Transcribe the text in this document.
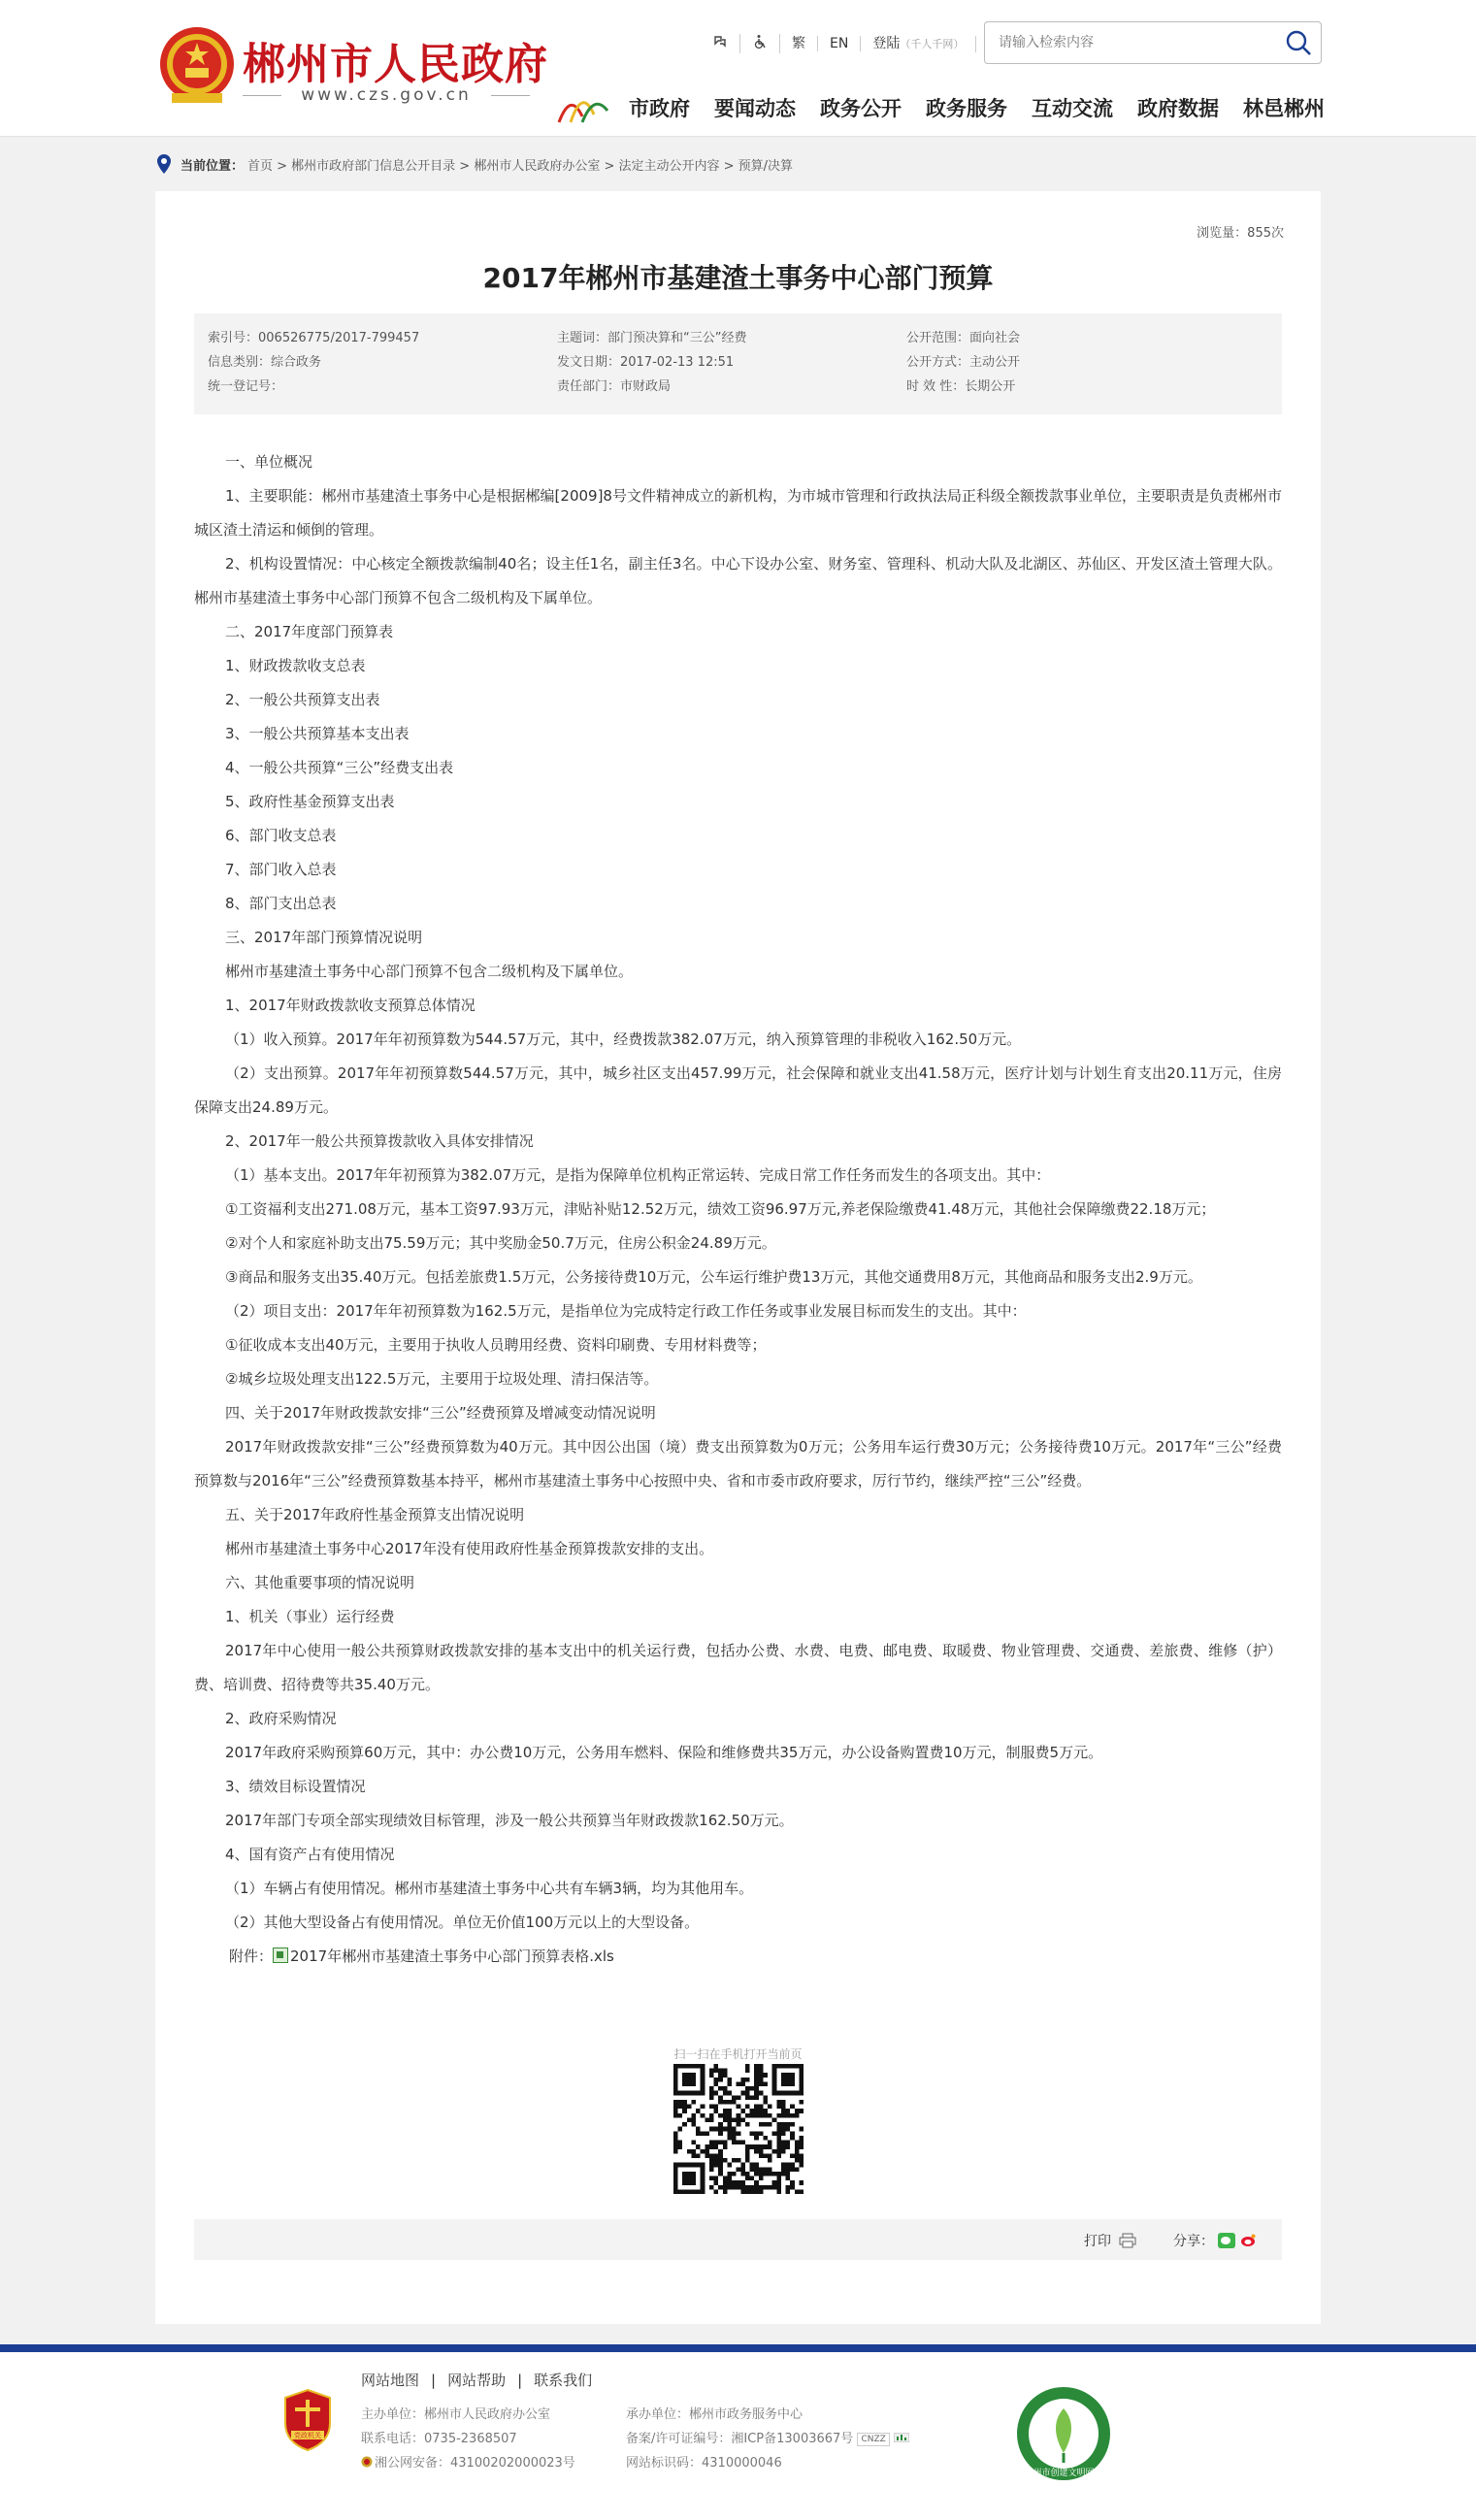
郴州市人民政府
www.czs.gov.cn
繁	EN	登陆（千人千网）
请输入检索内容
市政府 要闻动态 政务公开 政务服务 互动交流 政府数据 林邑郴州
当前位置： 首页 > 郴州市政府部门信息公开目录 > 郴州市人民政府办公室 > 法定主动公开内容 > 预算/决算
浏览量：855次
2017年郴州市基建渣土事务中心部门预算
索引号：006526775/2017-799457
信息类别：综合政务
统一登记号：
主题词：部门预决算和“三公”经费
发文日期：2017-02-13 12:51
责任部门：市财政局
公开范围：面向社会
公开方式：主动公开
时 效 性：长期公开

一、单位概况

1、主要职能：郴州市基建渣土事务中心是根据郴编[2009]8号文件精神成立的新机构，为市城市管理和行政执法局正科级全额拨款事业单位，主要职责是负责郴州市城区渣土清运和倾倒的管理。

2、机构设置情况：中心核定全额拨款编制40名；设主任1名，副主任3名。中心下设办公室、财务室、管理科、机动大队及北湖区、苏仙区、开发区渣土管理大队。郴州市基建渣土事务中心部门预算不包含二级机构及下属单位。

二、2017年度部门预算表

1、财政拨款收支总表

2、一般公共预算支出表

3、一般公共预算基本支出表

4、一般公共预算“三公”经费支出表

5、政府性基金预算支出表

6、部门收支总表

7、部门收入总表

8、部门支出总表

三、2017年部门预算情况说明

郴州市基建渣土事务中心部门预算不包含二级机构及下属单位。

1、2017年财政拨款收支预算总体情况

（1）收入预算。2017年年初预算数为544.57万元，其中，经费拨款382.07万元，纳入预算管理的非税收入162.50万元。

（2）支出预算。2017年年初预算数544.57万元，其中，城乡社区支出457.99万元，社会保障和就业支出41.58万元，医疗计划与计划生育支出20.11万元，住房保障支出24.89万元。

2、2017年一般公共预算拨款收入具体安排情况

（1）基本支出。2017年年初预算为382.07万元，是指为保障单位机构正常运转、完成日常工作任务而发生的各项支出。其中：

①工资福利支出271.08万元，基本工资97.93万元，津贴补贴12.52万元，绩效工资96.97万元,养老保险缴费41.48万元，其他社会保障缴费22.18万元；

②对个人和家庭补助支出75.59万元；其中奖励金50.7万元，住房公积金24.89万元。

③商品和服务支出35.40万元。包括差旅费1.5万元，公务接待费10万元，公车运行维护费13万元，其他交通费用8万元，其他商品和服务支出2.9万元。

（2）项目支出：2017年年初预算数为162.5万元，是指单位为完成特定行政工作任务或事业发展目标而发生的支出。其中：

①征收成本支出40万元，主要用于执收人员聘用经费、资料印刷费、专用材料费等；

②城乡垃圾处理支出122.5万元，主要用于垃圾处理、清扫保洁等。

四、关于2017年财政拨款安排“三公”经费预算及增减变动情况说明

2017年财政拨款安排“三公”经费预算数为40万元。其中因公出国（境）费支出预算数为0万元；公务用车运行费30万元；公务接待费10万元。2017年“三公”经费预算数与2016年“三公”经费预算数基本持平，郴州市基建渣土事务中心按照中央、省和市委市政府要求，厉行节约，继续严控“三公”经费。

五、关于2017年政府性基金预算支出情况说明

郴州市基建渣土事务中心2017年没有使用政府性基金预算拨款安排的支出。

六、其他重要事项的情况说明

1、机关（事业）运行经费

2017年中心使用一般公共预算财政拨款安排的基本支出中的机关运行费，包括办公费、水费、电费、邮电费、取暖费、物业管理费、交通费、差旅费、维修（护）费、培训费、招待费等共35.40万元。

2、政府采购情况

2017年政府采购预算60万元，其中：办公费10万元，公务用车燃料、保险和维修费共35万元，办公设备购置费10万元，制服费5万元。

3、绩效目标设置情况

2017年部门专项全部实现绩效目标管理，涉及一般公共预算当年财政拨款162.50万元。

4、国有资产占有使用情况

（1）车辆占有使用情况。郴州市基建渣土事务中心共有车辆3辆，均为其他用车。

（2）其他大型设备占有使用情况。单位无价值100万元以上的大型设备。

附件： 2017年郴州市基建渣土事务中心部门预算表格.xls

扫一扫在手机打开当前页
打印	分享：
党政机关
网站地图 | 网站帮助 | 联系我们
主办单位：郴州市人民政府办公室
联系电话：0735-2368507
湘公网安备：43100202000023号
承办单位：郴州市政务服务中心
备案/许可证编号：湘ICP备13003667号 CNZZ
网站标识码：4310000046
郴州市创建文明网站
